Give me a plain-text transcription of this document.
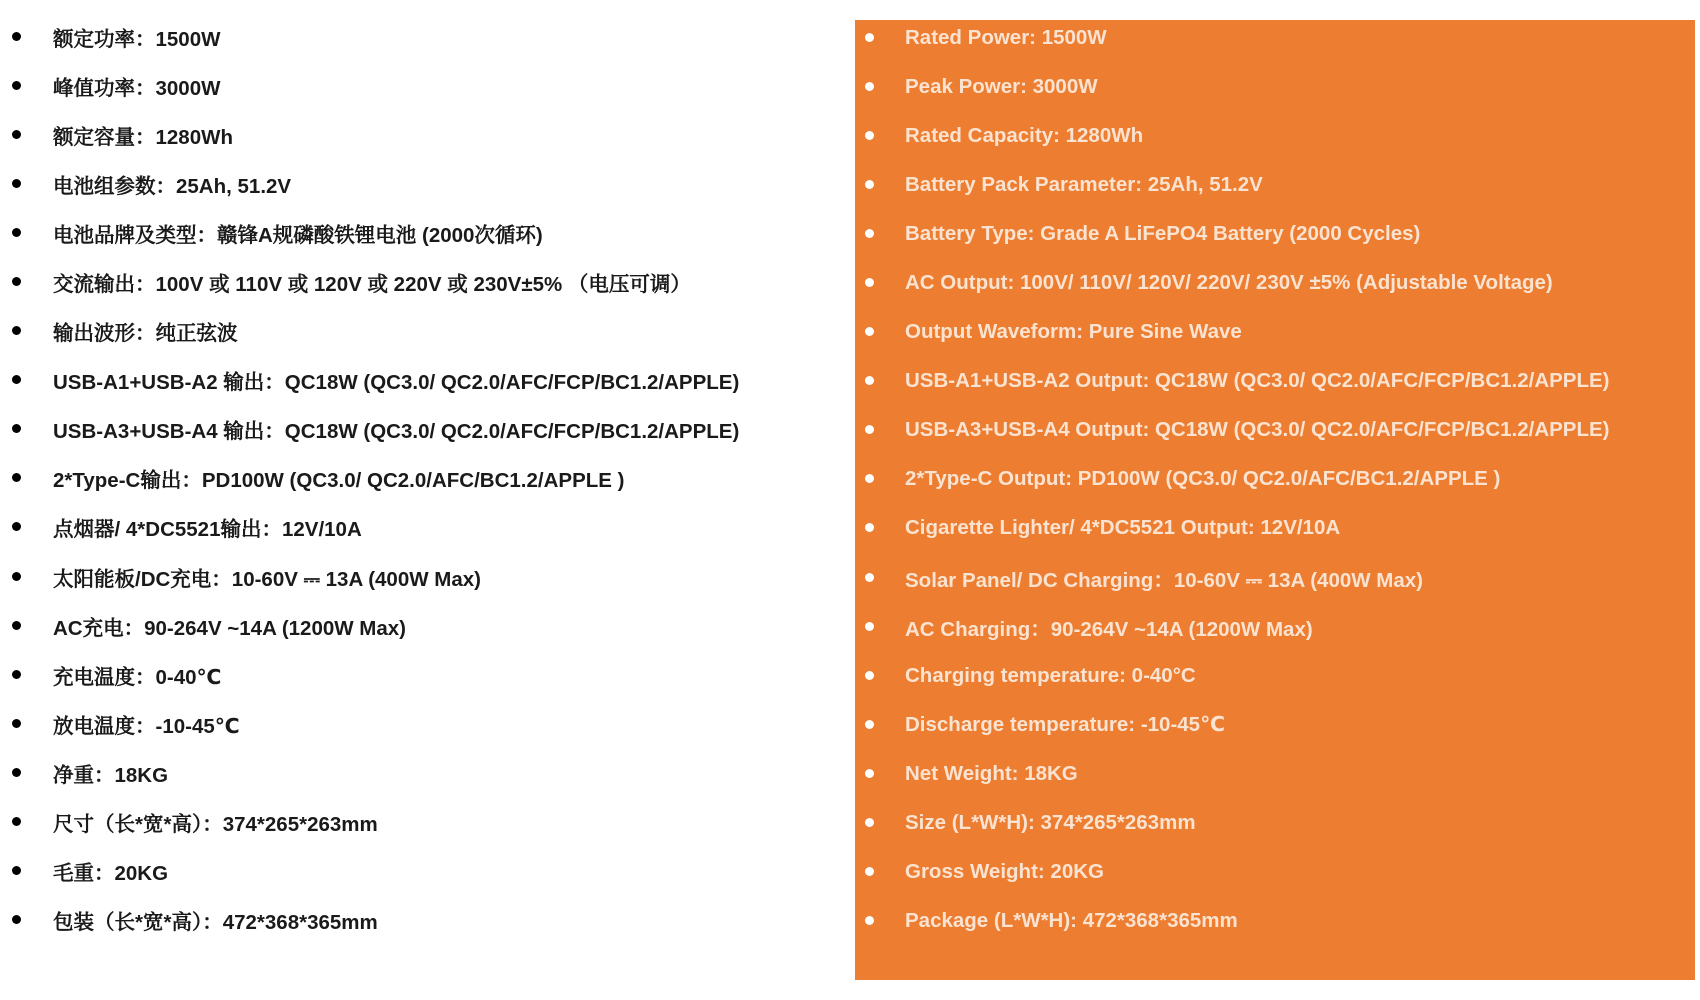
额定功率：1500W
峰值功率：3000W
额定容量：1280Wh
电池组参数：25Ah, 51.2V
电池品牌及类型：赣锋A规磷酸铁锂电池 (2000次循环)
交流输出：100V 或 110V 或 120V 或 220V 或 230V±5% （电压可调）
输出波形：纯正弦波
USB-A1+USB-A2 输出：QC18W (QC3.0/ QC2.0/AFC/FCP/BC1.2/APPLE)
USB-A3+USB-A4 输出：QC18W (QC3.0/ QC2.0/AFC/FCP/BC1.2/APPLE)
2*Type-C输出：PD100W (QC3.0/ QC2.0/AFC/BC1.2/APPLE )
点烟器/ 4*DC5521输出：12V/10A
太阳能板/DC充电：10-60V ⎓ 13A (400W Max)
AC充电：90-264V ~14A (1200W Max)
充电温度：0-40℃
放电温度：-10-45℃
净重：18KG
尺寸（长*宽*高）：374*265*263mm
毛重：20KG
包装（长*宽*高）：472*368*365mm
Rated Power: 1500W
Peak Power: 3000W
Rated Capacity: 1280Wh
Battery Pack Parameter: 25Ah, 51.2V
Battery Type: Grade A LiFePO4 Battery (2000 Cycles)
AC Output: 100V/ 110V/ 120V/ 220V/ 230V ±5% (Adjustable Voltage)
Output Waveform: Pure Sine Wave
USB-A1+USB-A2 Output: QC18W (QC3.0/ QC2.0/AFC/FCP/BC1.2/APPLE)
USB-A3+USB-A4 Output: QC18W (QC3.0/ QC2.0/AFC/FCP/BC1.2/APPLE)
2*Type-C Output: PD100W (QC3.0/ QC2.0/AFC/BC1.2/APPLE )
Cigarette Lighter/ 4*DC5521 Output: 12V/10A
Solar Panel/ DC Charging：10-60V ⎓ 13A (400W Max)
AC Charging：90-264V ~14A (1200W Max)
Charging temperature: 0-40°C
Discharge temperature: -10-45℃
Net Weight: 18KG
Size (L*W*H): 374*265*263mm
Gross Weight: 20KG
Package (L*W*H): 472*368*365mm
